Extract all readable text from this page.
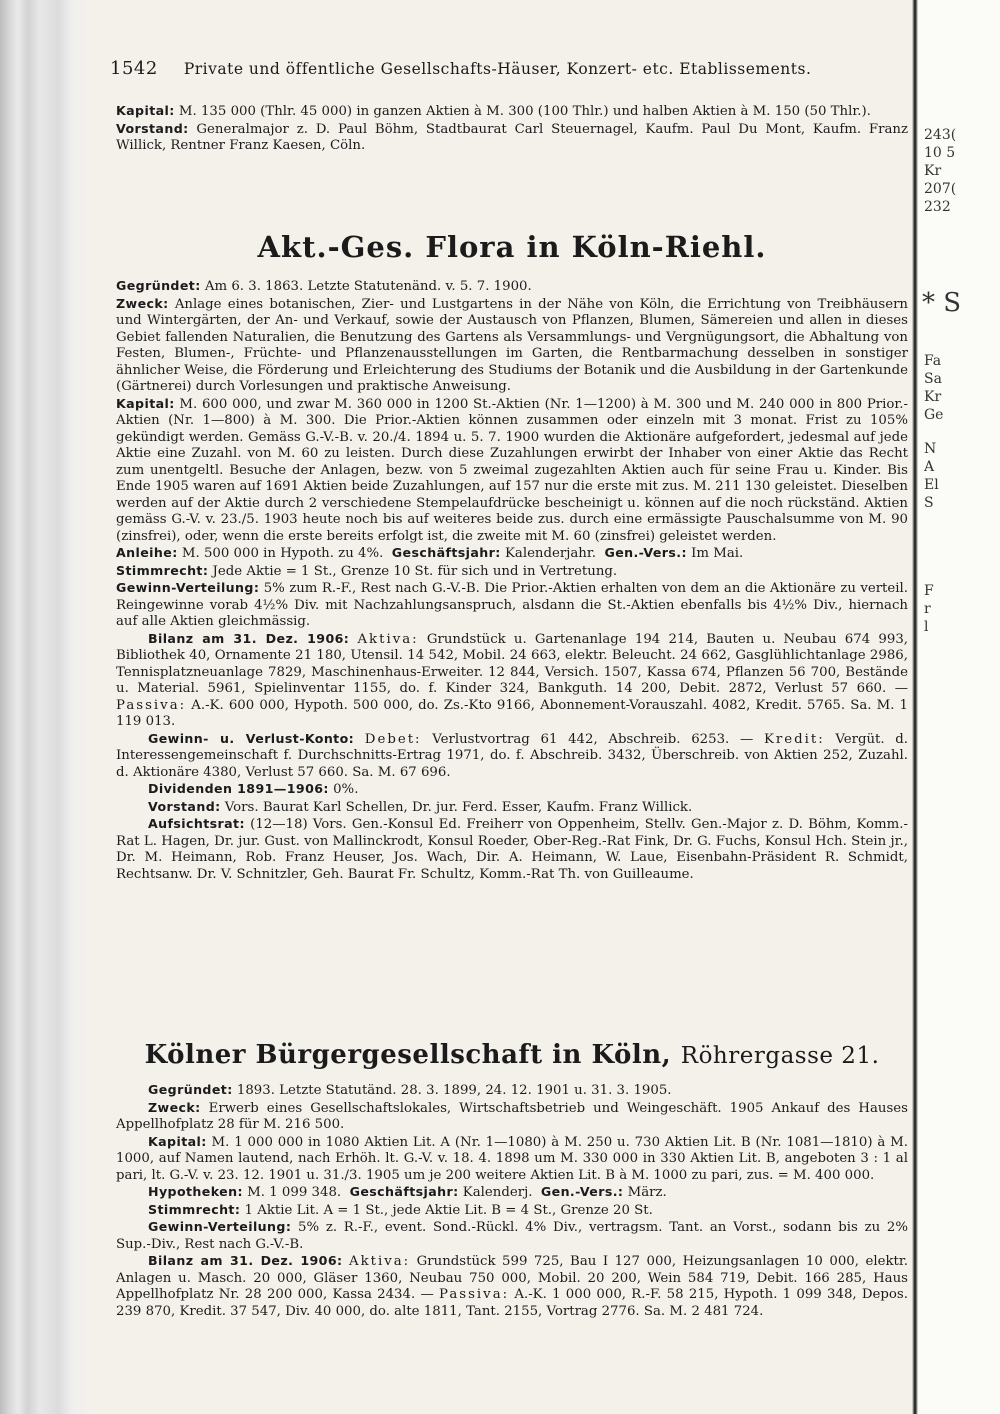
243(
10 5
Kr
207(
232
* S
Fa
Sa
Kr
Ge
N
A
El
S
F
r
l
1542 Private und öffentliche Gesellschafts-Häuser, Konzert- etc. Etablissements.

Kapital: M. 135 000 (Thlr. 45 000) in ganzen Aktien à M. 300 (100 Thlr.) und halben Aktien à M. 150 (50 Thlr.).

Vorstand: Generalmajor z. D. Paul Böhm, Stadtbaurat Carl Steuernagel, Kaufm. Paul Du Mont, Kaufm. Franz Willick, Rentner Franz Kaesen, Cöln.

Akt.-Ges. Flora in Köln-Riehl.

Gegründet: Am 6. 3. 1863. Letzte Statutenänd. v. 5. 7. 1900.

Zweck: Anlage eines botanischen, Zier- und Lustgartens in der Nähe von Köln, die Errichtung von Treibhäusern und Wintergärten, der An- und Verkauf, sowie der Austausch von Pflanzen, Blumen, Sämereien und allen in dieses Gebiet fallenden Naturalien, die Benutzung des Gartens als Versammlungs- und Vergnügungsort, die Abhaltung von Festen, Blumen-, Früchte- und Pflanzenausstellungen im Garten, die Rentbarmachung desselben in sonstiger ähnlicher Weise, die Förderung und Erleichterung des Studiums der Botanik und die Ausbildung in der Gartenkunde (Gärtnerei) durch Vorlesungen und praktische Anweisung.

Kapital: M. 600 000, und zwar M. 360 000 in 1200 St.-Aktien (Nr. 1—1200) à M. 300 und M. 240 000 in 800 Prior.-Aktien (Nr. 1—800) à M. 300. Die Prior.-Aktien können zusammen oder einzeln mit 3 monat. Frist zu 105% gekündigt werden. Gemäss G.-V.-B. v. 20./4. 1894 u. 5. 7. 1900 wurden die Aktionäre aufgefordert, jedesmal auf jede Aktie eine Zuzahl. von M. 60 zu leisten. Durch diese Zuzahlungen erwirbt der Inhaber von einer Aktie das Recht zum unentgeltl. Besuche der Anlagen, bezw. von 5 zweimal zugezahlten Aktien auch für seine Frau u. Kinder. Bis Ende 1905 waren auf 1691 Aktien beide Zuzahlungen, auf 157 nur die erste mit zus. M. 211 130 geleistet. Dieselben werden auf der Aktie durch 2 verschiedene Stempelaufdrücke bescheinigt u. können auf die noch rückständ. Aktien gemäss G.-V. v. 23./5. 1903 heute noch bis auf weiteres beide zus. durch eine ermässigte Pauschalsumme von M. 90 (zinsfrei), oder, wenn die erste bereits erfolgt ist, die zweite mit M. 60 (zinsfrei) geleistet werden.

Anleihe: M. 500 000 in Hypoth. zu 4%. Geschäftsjahr: Kalenderjahr. Gen.-Vers.: Im Mai.

Stimmrecht: Jede Aktie = 1 St., Grenze 10 St. für sich und in Vertretung.

Gewinn-Verteilung: 5% zum R.-F., Rest nach G.-V.-B. Die Prior.-Aktien erhalten von dem an die Aktionäre zu verteil. Reingewinne vorab 4½% Div. mit Nachzahlungsanspruch, alsdann die St.-Aktien ebenfalls bis 4½% Div., hiernach auf alle Aktien gleichmässig.

Bilanz am 31. Dez. 1906: Aktiva: Grundstück u. Gartenanlage 194 214, Bauten u. Neubau 674 993, Bibliothek 40, Ornamente 21 180, Utensil. 14 542, Mobil. 24 663, elektr. Beleucht. 24 662, Gasglühlichtanlage 2986, Tennisplatzneuanlage 7829, Maschinenhaus-Erweiter. 12 844, Versich. 1507, Kassa 674, Pflanzen 56 700, Bestände u. Material. 5961, Spielinventar 1155, do. f. Kinder 324, Bankguth. 14 200, Debit. 2872, Verlust 57 660. — Passiva: A.-K. 600 000, Hypoth. 500 000, do. Zs.-Kto 9166, Abonnement-Vorauszahl. 4082, Kredit. 5765. Sa. M. 1 119 013.

Gewinn- u. Verlust-Konto: Debet: Verlustvortrag 61 442, Abschreib. 6253. — Kredit: Vergüt. d. Interessengemeinschaft f. Durchschnitts-Ertrag 1971, do. f. Abschreib. 3432, Überschreib. von Aktien 252, Zuzahl. d. Aktionäre 4380, Verlust 57 660. Sa. M. 67 696.

Dividenden 1891—1906: 0%.

Vorstand: Vors. Baurat Karl Schellen, Dr. jur. Ferd. Esser, Kaufm. Franz Willick.

Aufsichtsrat: (12—18) Vors. Gen.-Konsul Ed. Freiherr von Oppenheim, Stellv. Gen.-Major z. D. Böhm, Komm.-Rat L. Hagen, Dr. jur. Gust. von Mallinckrodt, Konsul Roeder, Ober-Reg.-Rat Fink, Dr. G. Fuchs, Konsul Hch. Stein jr., Dr. M. Heimann, Rob. Franz Heuser, Jos. Wach, Dir. A. Heimann, W. Laue, Eisenbahn-Präsident R. Schmidt, Rechtsanw. Dr. V. Schnitzler, Geh. Baurat Fr. Schultz, Komm.-Rat Th. von Guilleaume.

Kölner Bürgergesellschaft in Köln, Röhrergasse 21.

Gegründet: 1893. Letzte Statutänd. 28. 3. 1899, 24. 12. 1901 u. 31. 3. 1905.

Zweck: Erwerb eines Gesellschaftslokales, Wirtschaftsbetrieb und Weingeschäft. 1905 Ankauf des Hauses Appellhofplatz 28 für M. 216 500.

Kapital: M. 1 000 000 in 1080 Aktien Lit. A (Nr. 1—1080) à M. 250 u. 730 Aktien Lit. B (Nr. 1081—1810) à M. 1000, auf Namen lautend, nach Erhöh. lt. G.-V. v. 18. 4. 1898 um M. 330 000 in 330 Aktien Lit. B, angeboten 3 : 1 al pari, lt. G.-V. v. 23. 12. 1901 u. 31./3. 1905 um je 200 weitere Aktien Lit. B à M. 1000 zu pari, zus. = M. 400 000.

Hypotheken: M. 1 099 348. Geschäftsjahr: Kalenderj. Gen.-Vers.: März.

Stimmrecht: 1 Aktie Lit. A = 1 St., jede Aktie Lit. B = 4 St., Grenze 20 St.

Gewinn-Verteilung: 5% z. R.-F., event. Sond.-Rückl. 4% Div., vertragsm. Tant. an Vorst., sodann bis zu 2% Sup.-Div., Rest nach G.-V.-B.

Bilanz am 31. Dez. 1906: Aktiva: Grundstück 599 725, Bau I 127 000, Heizungsanlagen 10 000, elektr. Anlagen u. Masch. 20 000, Gläser 1360, Neubau 750 000, Mobil. 20 200, Wein 584 719, Debit. 166 285, Haus Appellhofplatz Nr. 28 200 000, Kassa 2434. — Passiva: A.-K. 1 000 000, R.-F. 58 215, Hypoth. 1 099 348, Depos. 239 870, Kredit. 37 547, Div. 40 000, do. alte 1811, Tant. 2155, Vortrag 2776. Sa. M. 2 481 724.
